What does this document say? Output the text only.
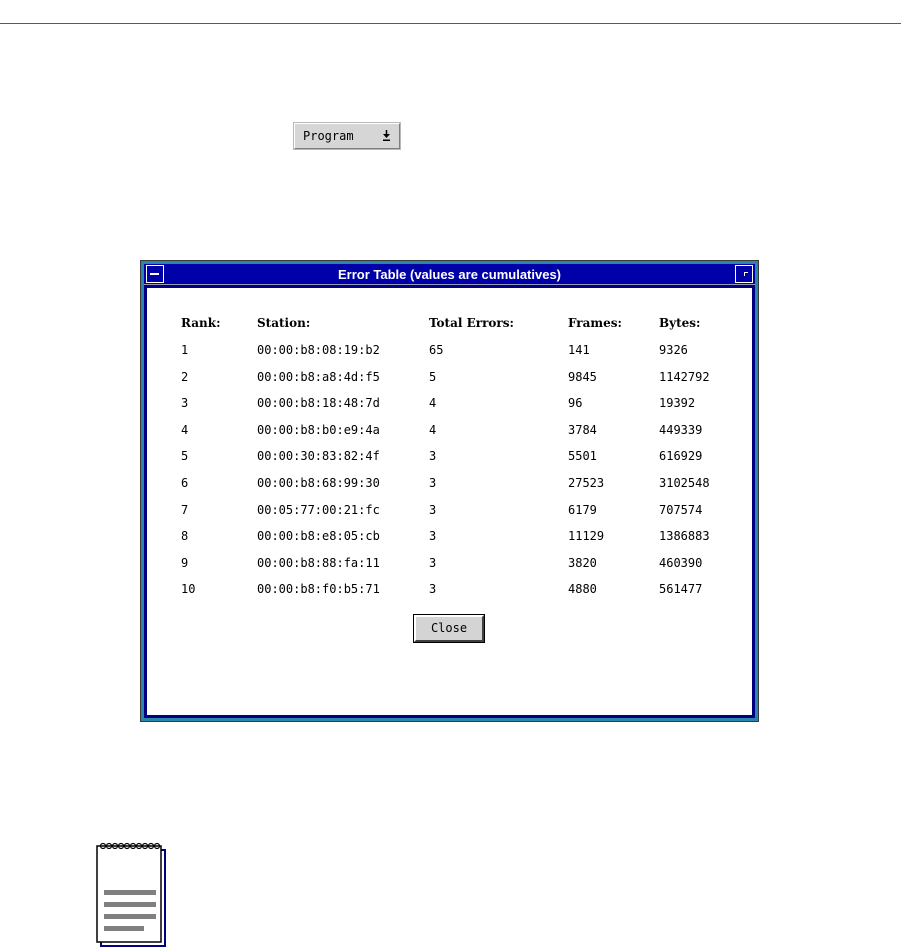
Program
Error Table (values are cumulatives)
Rank:	Station:	Total Errors:	Frames:	Bytes:
1	00:00:b8:08:19:b2	65	141	9326
2	00:00:b8:a8:4d:f5	5	9845	1142792
3	00:00:b8:18:48:7d	4	96	19392
4	00:00:b8:b0:e9:4a	4	3784	449339
5	00:00:30:83:82:4f	3	5501	616929
6	00:00:b8:68:99:30	3	27523	3102548
7	00:05:77:00:21:fc	3	6179	707574
8	00:00:b8:e8:05:cb	3	11129	1386883
9	00:00:b8:88:fa:11	3	3820	460390
10	00:00:b8:f0:b5:71	3	4880	561477
Close
